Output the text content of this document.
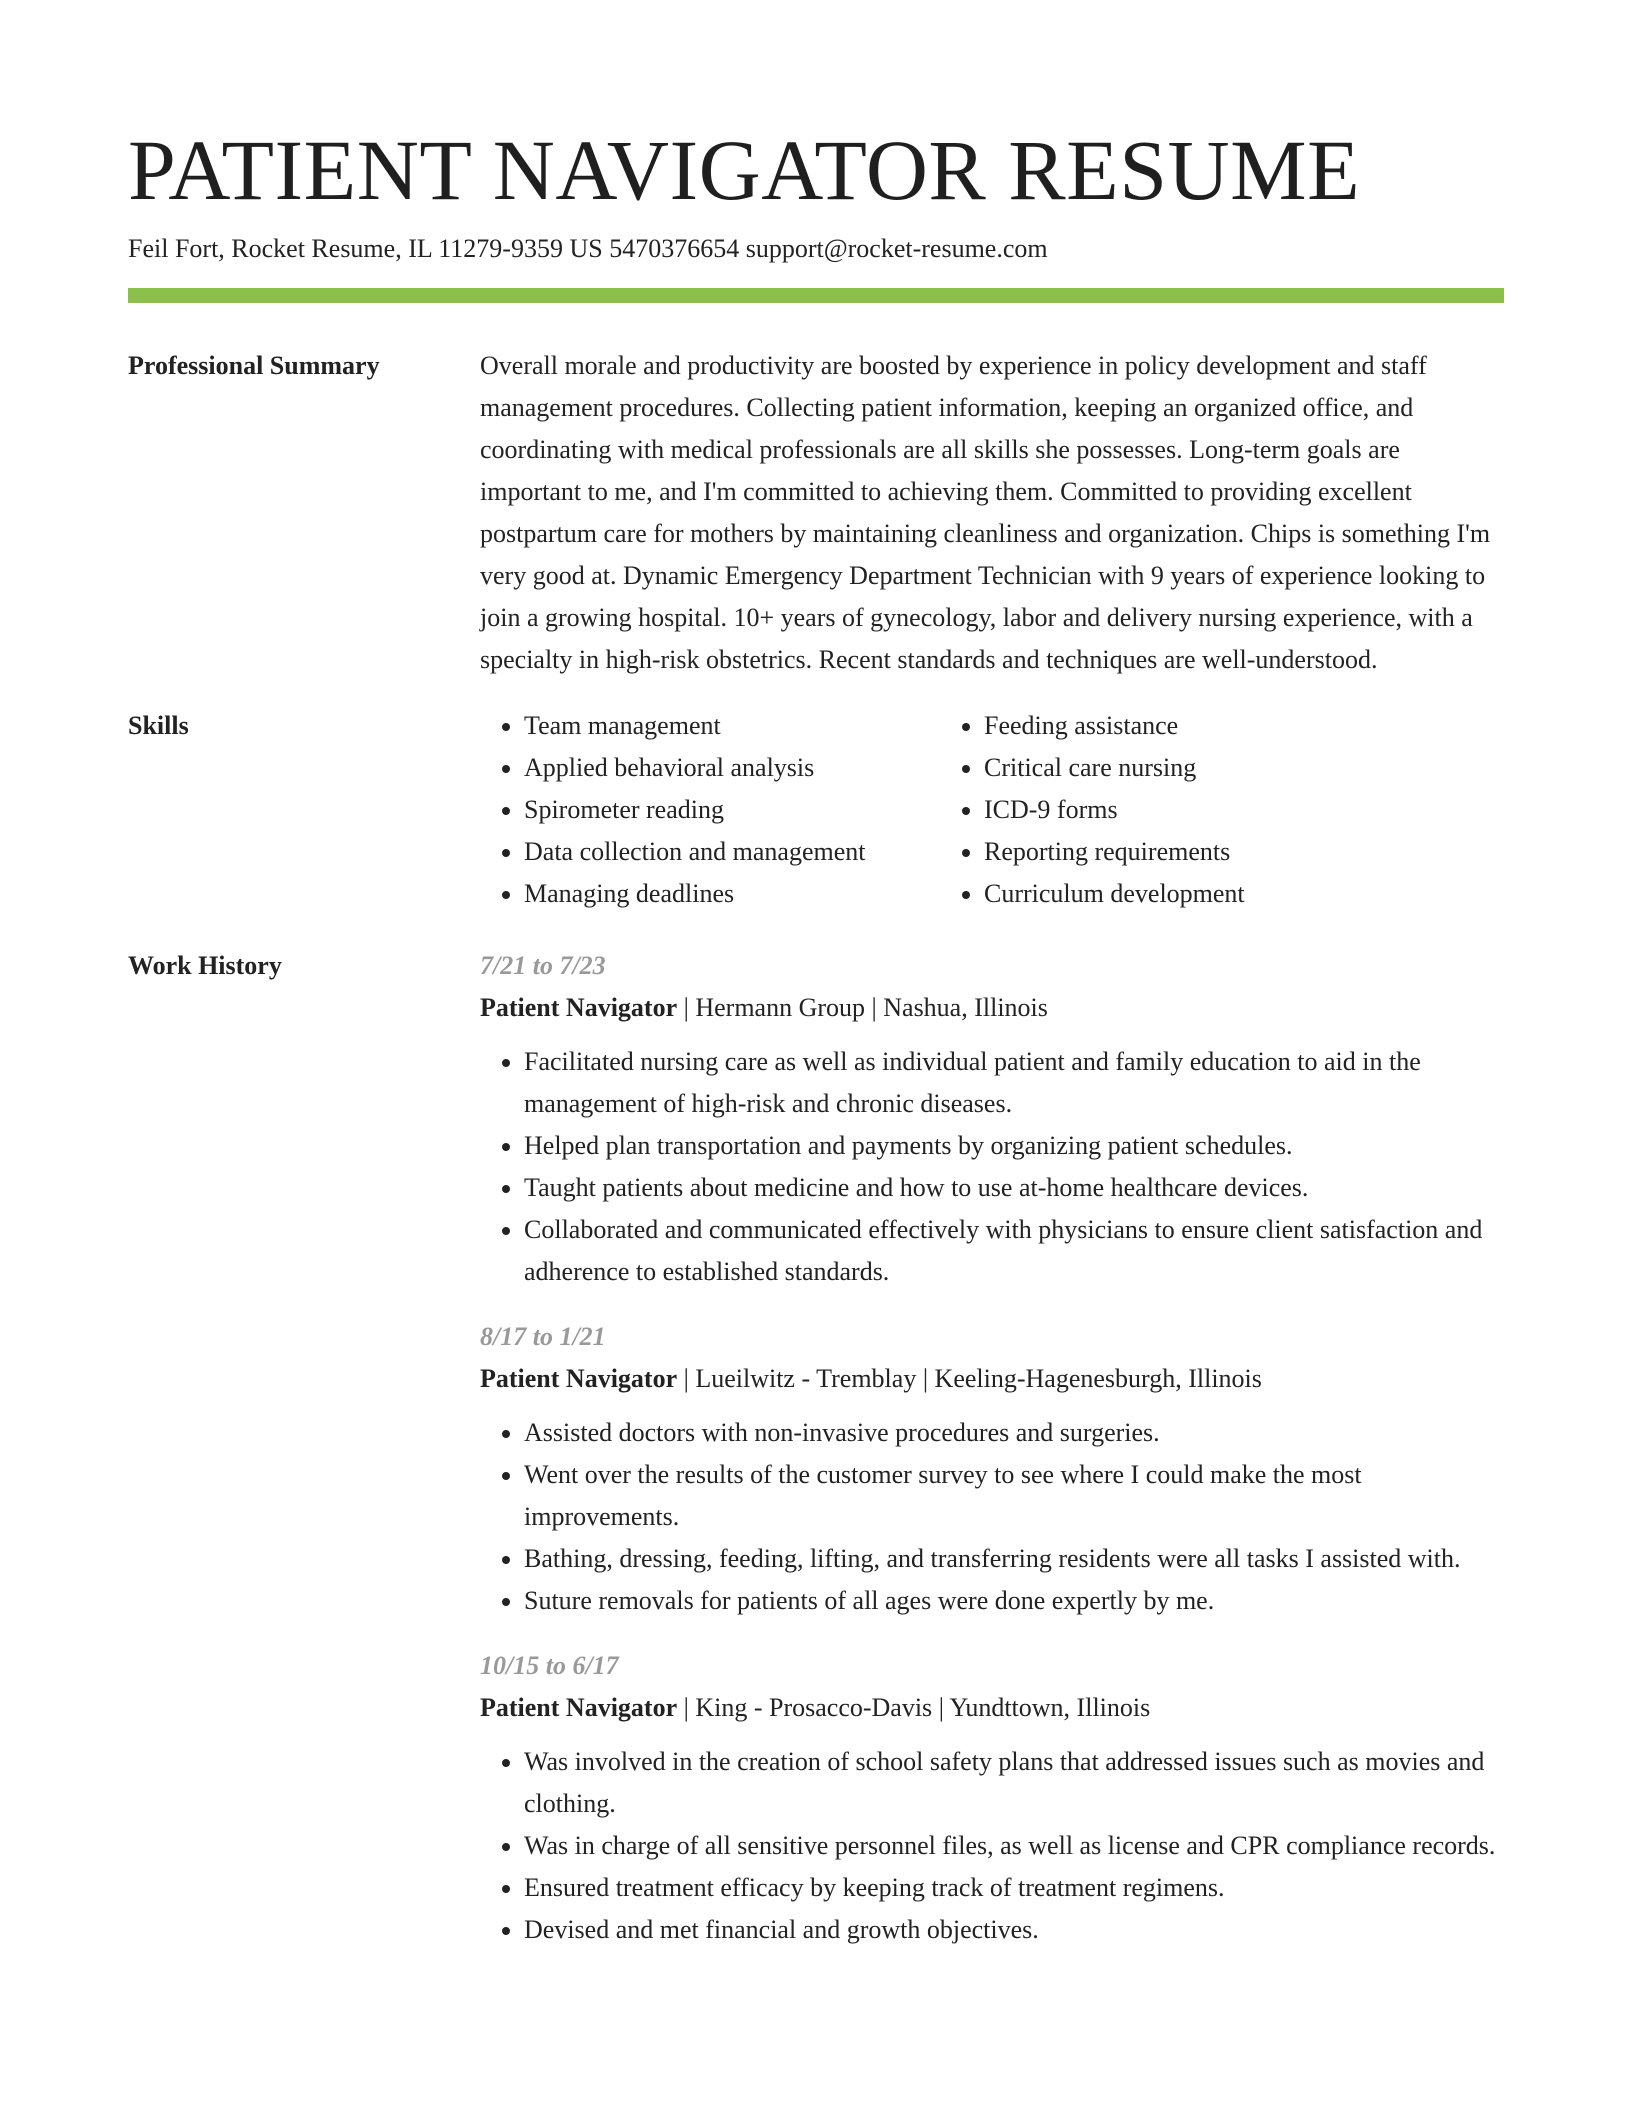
PATIENT NAVIGATOR RESUME
Feil Fort, Rocket Resume, IL 11279-9359 US 5470376654 support@rocket-resume.com
Professional Summary	Overall morale and productivity are boosted by experience in policy development and staff management procedures. Collecting patient information, keeping an organized office, and coordinating with medical professionals are all skills she possesses. Long-term goals are important to me, and I'm committed to achieving them. Committed to providing excellent postpartum care for mothers by maintaining cleanliness and organization. Chips is something I'm very good at. Dynamic Emergency Department Technician with 9 years of experience looking to join a growing hospital. 10+ years of gynecology, labor and delivery nursing experience, with a specialty in high-risk obstetrics. Recent standards and techniques are well-understood.

Skills
•	Team management
• Applied behavioral analysis
• Spirometer reading
• Data collection and management
• Managing deadlines
• Feeding assistance
• Critical care nursing
• ICD-9 forms
• Reporting requirements
• Curriculum development
Work History	7/21 to 7/23
Patient Navigator | Hermann Group | Nashua, Illinois
• Facilitated nursing care as well as individual patient and family education to aid in the management of high-risk and chronic diseases.
• Helped plan transportation and payments by organizing patient schedules.
• Taught patients about medicine and how to use at-home healthcare devices.
• Collaborated and communicated effectively with physicians to ensure client satisfaction and adherence to established standards.
8/17 to 1/21
Patient Navigator | Lueilwitz - Tremblay | Keeling-Hagenesburgh, Illinois
• Assisted doctors with non-invasive procedures and surgeries.
• Went over the results of the customer survey to see where I could make the most improvements.
• Bathing, dressing, feeding, lifting, and transferring residents were all tasks I assisted with.
• Suture removals for patients of all ages were done expertly by me.
10/15 to 6/17
Patient Navigator | King - Prosacco-Davis | Yundttown, Illinois
• Was involved in the creation of school safety plans that addressed issues such as movies and clothing.
• Was in charge of all sensitive personnel files, as well as license and CPR compliance records.
• Ensured treatment efficacy by keeping track of treatment regimens.
• Devised and met financial and growth objectives.
